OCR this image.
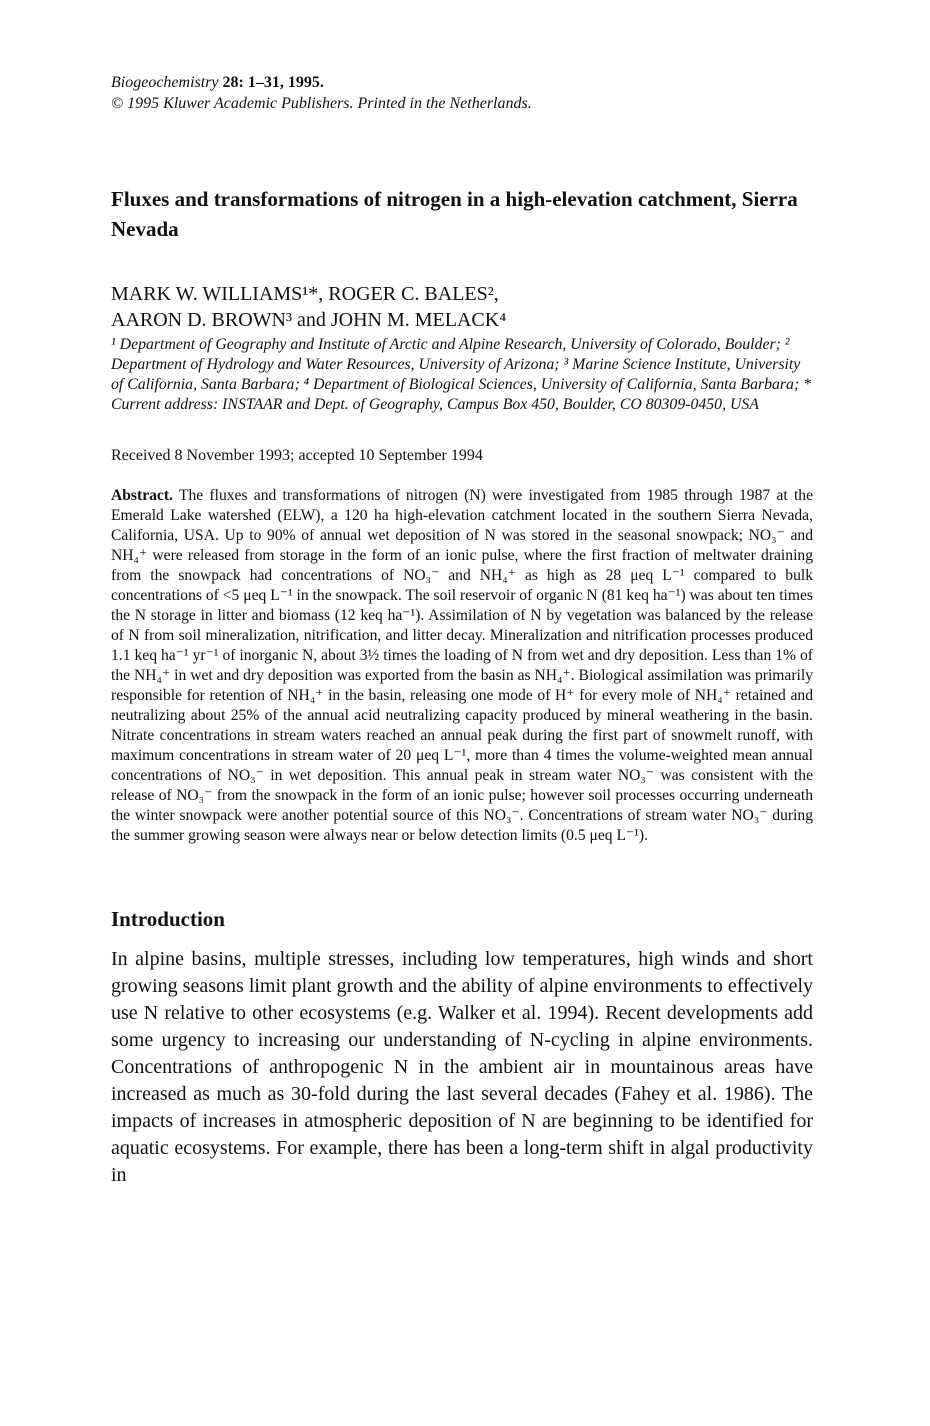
Biogeochemistry 28: 1–31, 1995.
© 1995 Kluwer Academic Publishers. Printed in the Netherlands.
Fluxes and transformations of nitrogen in a high-elevation catchment, Sierra Nevada
MARK W. WILLIAMS¹*, ROGER C. BALES²,
AARON D. BROWN³ and JOHN M. MELACK⁴
¹ Department of Geography and Institute of Arctic and Alpine Research, University of Colorado, Boulder; ² Department of Hydrology and Water Resources, University of Arizona; ³ Marine Science Institute, University of California, Santa Barbara; ⁴ Department of Biological Sciences, University of California, Santa Barbara; * Current address: INSTAAR and Dept. of Geography, Campus Box 450, Boulder, CO 80309-0450, USA
Received 8 November 1993; accepted 10 September 1994
Abstract. The fluxes and transformations of nitrogen (N) were investigated from 1985 through 1987 at the Emerald Lake watershed (ELW), a 120 ha high-elevation catchment located in the southern Sierra Nevada, California, USA. Up to 90% of annual wet deposition of N was stored in the seasonal snowpack; NO₃⁻ and NH₄⁺ were released from storage in the form of an ionic pulse, where the first fraction of meltwater draining from the snowpack had concentrations of NO₃⁻ and NH₄⁺ as high as 28 μeq L⁻¹ compared to bulk concentrations of <5 μeq L⁻¹ in the snowpack. The soil reservoir of organic N (81 keq ha⁻¹) was about ten times the N storage in litter and biomass (12 keq ha⁻¹). Assimilation of N by vegetation was balanced by the release of N from soil mineralization, nitrification, and litter decay. Mineralization and nitrification processes produced 1.1 keq ha⁻¹ yr⁻¹ of inorganic N, about 3½ times the loading of N from wet and dry deposition. Less than 1% of the NH₄⁺ in wet and dry deposition was exported from the basin as NH₄⁺. Biological assimilation was primarily responsible for retention of NH₄⁺ in the basin, releasing one mode of H⁺ for every mole of NH₄⁺ retained and neutralizing about 25% of the annual acid neutralizing capacity produced by mineral weathering in the basin. Nitrate concentrations in stream waters reached an annual peak during the first part of snowmelt runoff, with maximum concentrations in stream water of 20 μeq L⁻¹, more than 4 times the volume-weighted mean annual concentrations of NO₃⁻ in wet deposition. This annual peak in stream water NO₃⁻ was consistent with the release of NO₃⁻ from the snowpack in the form of an ionic pulse; however soil processes occurring underneath the winter snowpack were another potential source of this NO₃⁻. Concentrations of stream water NO₃⁻ during the summer growing season were always near or below detection limits (0.5 μeq L⁻¹).
Introduction
In alpine basins, multiple stresses, including low temperatures, high winds and short growing seasons limit plant growth and the ability of alpine environments to effectively use N relative to other ecosystems (e.g. Walker et al. 1994). Recent developments add some urgency to increasing our understanding of N-cycling in alpine environments. Concentrations of anthropogenic N in the ambient air in mountainous areas have increased as much as 30-fold during the last several decades (Fahey et al. 1986). The impacts of increases in atmospheric deposition of N are beginning to be identified for aquatic ecosystems. For example, there has been a long-term shift in algal productivity in
